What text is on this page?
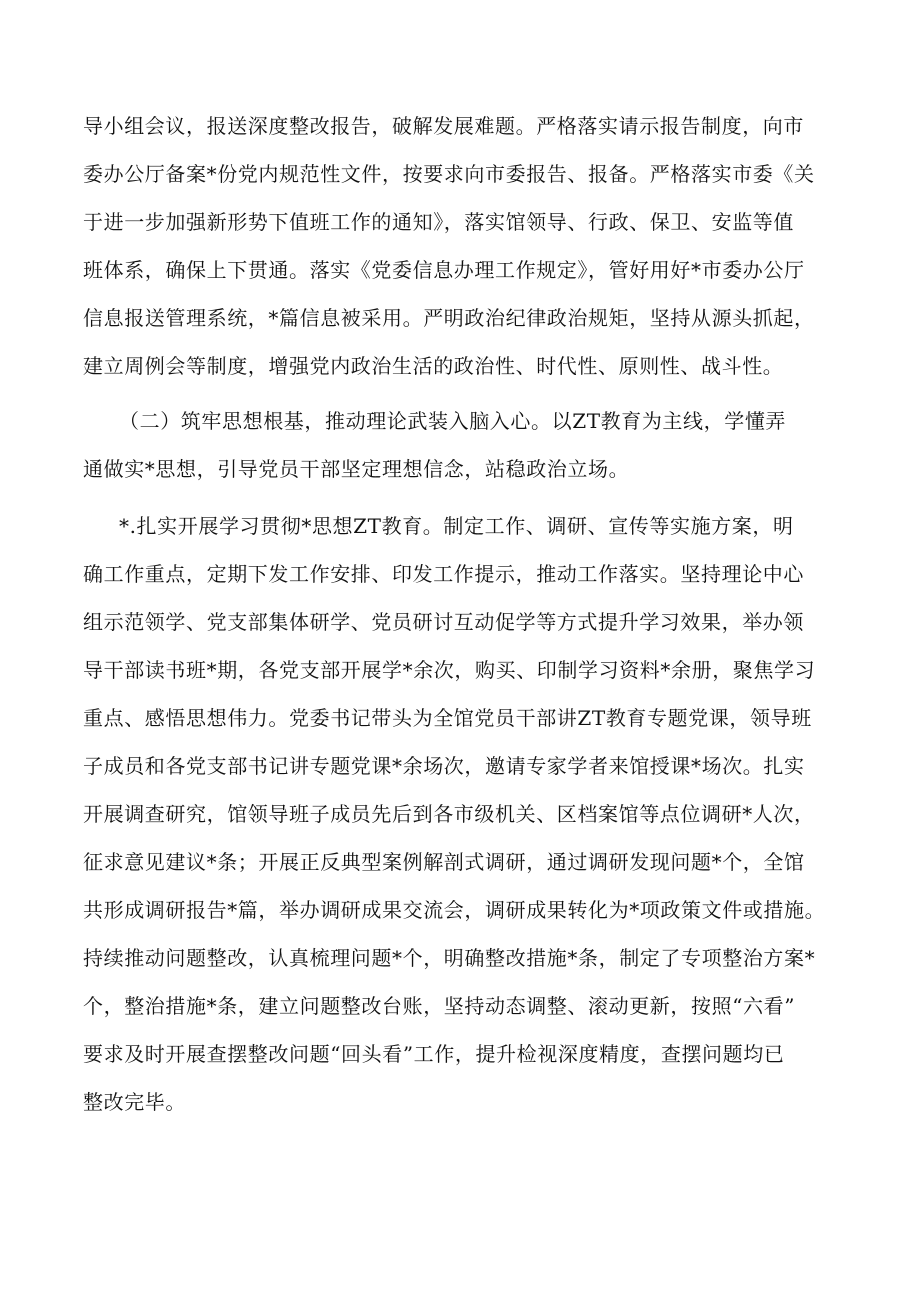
导小组会议，报送深度整改报告，破解发展难题。严格落实请示报告制度，向市
委办公厅备案*份党内规范性文件，按要求向市委报告、报备。严格落实市委《关
于进一步加强新形势下值班工作的通知》，落实馆领导、行政、保卫、安监等值
班体系，确保上下贯通。落实《党委信息办理工作规定》，管好用好*市委办公厅
信息报送管理系统，*篇信息被采用。严明政治纪律政治规矩，坚持从源头抓起，
建立周例会等制度，增强党内政治生活的政治性、时代性、原则性、战斗性。
（二）筑牢思想根基，推动理论武装入脑入心。以ZT教育为主线，学懂弄
通做实*思想，引导党员干部坚定理想信念，站稳政治立场。
*.扎实开展学习贯彻*思想ZT教育。制定工作、调研、宣传等实施方案，明
确工作重点，定期下发工作安排、印发工作提示，推动工作落实。坚持理论中心
组示范领学、党支部集体研学、党员研讨互动促学等方式提升学习效果，举办领
导干部读书班*期，各党支部开展学*余次，购买、印制学习资料*余册，聚焦学习
重点、感悟思想伟力。党委书记带头为全馆党员干部讲ZT教育专题党课，领导班
子成员和各党支部书记讲专题党课*余场次，邀请专家学者来馆授课*场次。扎实
开展调查研究，馆领导班子成员先后到各市级机关、区档案馆等点位调研*人次，
征求意见建议*条；开展正反典型案例解剖式调研，通过调研发现问题*个，全馆
共形成调研报告*篇，举办调研成果交流会，调研成果转化为*项政策文件或措施。
持续推动问题整改，认真梳理问题*个，明确整改措施*条，制定了专项整治方案*
个，整治措施*条，建立问题整改台账，坚持动态调整、滚动更新，按照“六看”
要求及时开展查摆整改问题“回头看”工作，提升检视深度精度，查摆问题均已
整改完毕。
